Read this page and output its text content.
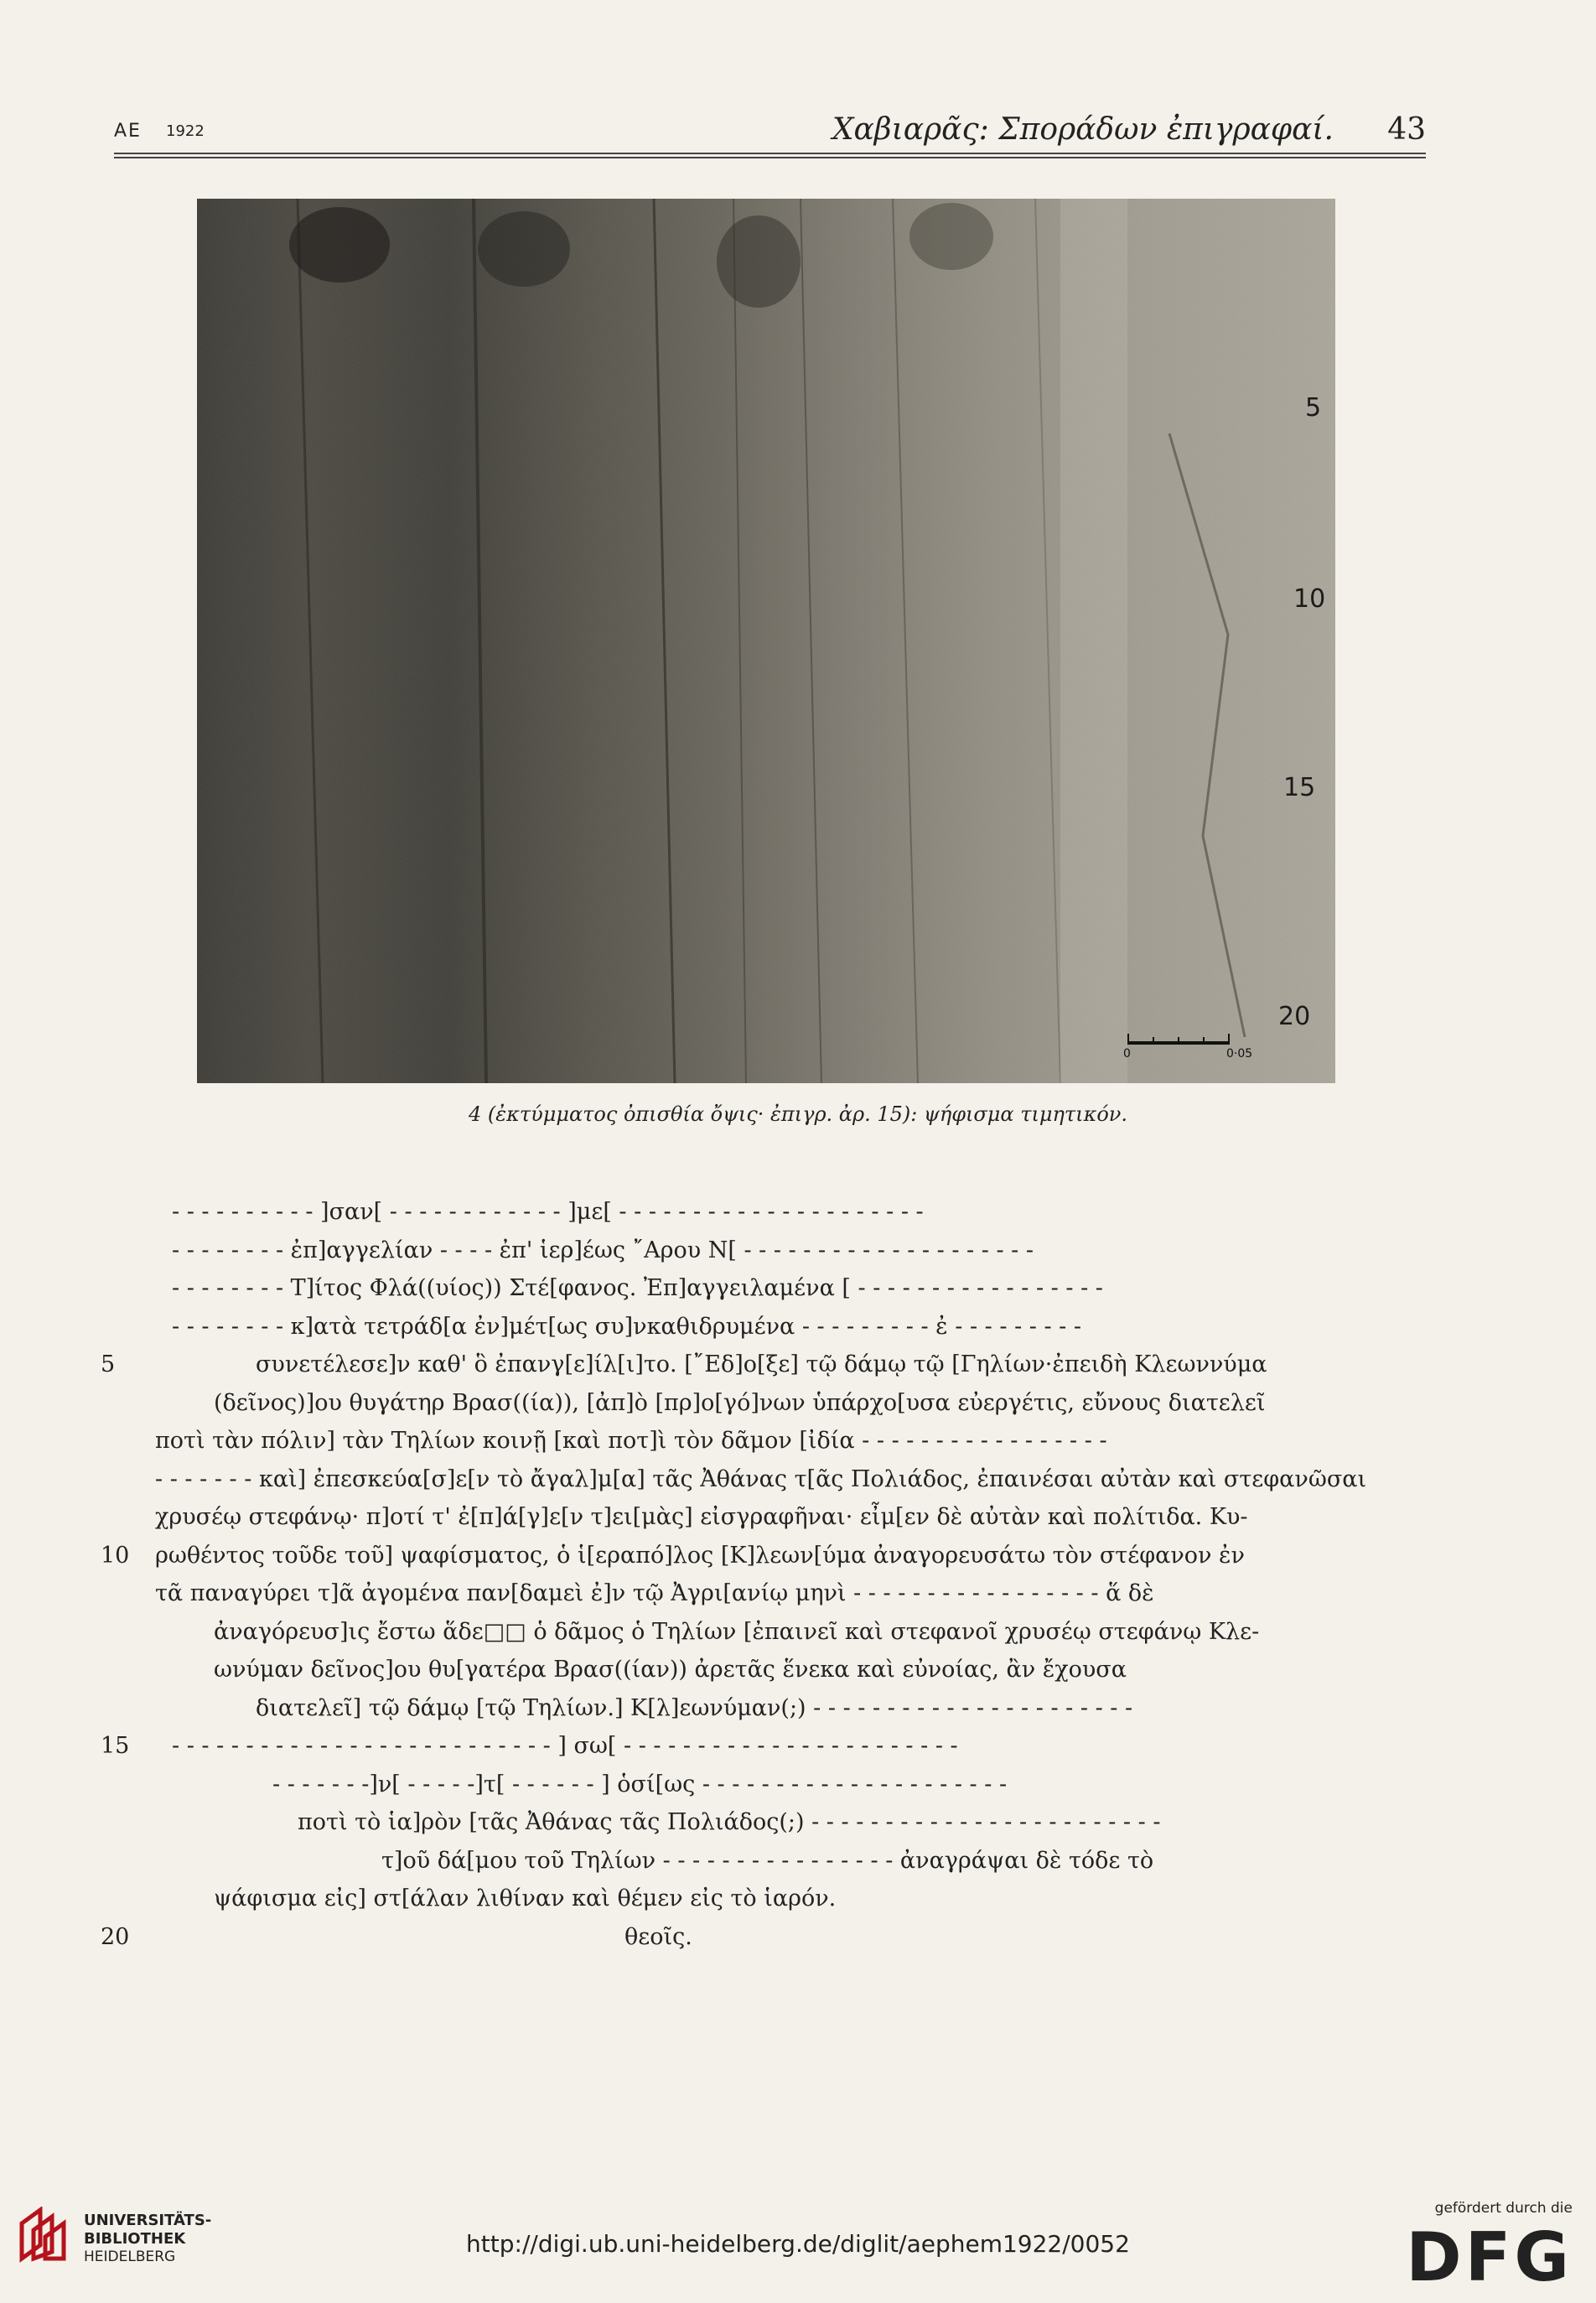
ΑΕ 1922	Χαβιαρᾶς: Σποράδων ἐπιγραφαί. 43
5
10
15
20
0	0·05
4 (ἐκτύμματος ὀπισθία ὄψις· ἐπιγρ. ἀρ. 15): ψήφισμα τιμητικόν.
- - - - - - - - - - ]σαν[ - - - - - - - - - - - - ]με[ - - - - - - - - - - - - - - - - - - - - -
- - - - - - - - ἐπ]αγγελίαν - - - - ἐπ' ἱερ]έως ῎Αρου Ν[ - - - - - - - - - - - - - - - - - - - -
- - - - - - - - Τ]ίτος Φλά((υίος)) Στέ[φανος. Ἐπ]αγγειλαμένα [ - - - - - - - - - - - - - - - - -
- - - - - - - - κ]ατὰ τετράδ[α ἐν]μέτ[ως συ]νκαθιδρυμένα - - - - - - - - - ἐ - - - - - - - - -
5	συνετέλεσε]ν καθ' ὃ ἐπανγ[ε]ίλ[ι]το. [῎Εδ]ο[ξε] τῷ δάμῳ τῷ [Γηλίων·ἐπειδὴ Κλεωννύμα
(δεῖνος)]ου θυγάτηρ Βρασ((ία)), [ἀπ]ὸ [πρ]ο[γό]νων ὑπάρχο[υσα εὐεργέτις, εὔνους διατελεῖ
ποτὶ τὰν πόλιν] τὰν Τηλίων κοινῇ [καὶ ποτ]ὶ τὸν δᾶμον [ἰδία - - - - - - - - - - - - - - - - -
- - - - - - - καὶ] ἐπεσκεύα[σ]ε[ν τὸ ἄγαλ]μ[α] τᾶς Ἀθάνας τ[ᾶς Πολιάδος, ἐπαινέσαι αὐτὰν καὶ στεφανῶσαι
χρυσέῳ στεφάνῳ· π]οτί τ' ἐ[π]ά[γ]ε[ν τ]ει[μὰς] εἰσγραφῆναι· εἶμ[εν δὲ αὐτὰν καὶ πολίτιδα. Κυ-
10	ρωθέντος τοῦδε τοῦ] ψαφίσματος, ὁ ἱ[εραπό]λος [Κ]λεων[ύμα ἀναγορευσάτω τὸν στέφανον ἐν
τᾶ παναγύρει τ]ᾶ ἀγομένα παν[δαμεὶ ἐ]ν τῷ Ἀγρι[ανίῳ μηνὶ - - - - - - - - - - - - - - - - - ἅ δὲ
ἀναγόρευσ]ις ἔστω ἅδε□□ ὁ δᾶμος ὁ Τηλίων [ἐπαινεῖ καὶ στεφανοῖ χρυσέῳ στεφάνῳ Κλε-
ωνύμαν δεῖνος]ου θυ[γατέρα Βρασ((ίαν)) ἀρετᾶς ἕνεκα καὶ εὐνοίας, ἂν ἔχουσα
διατελεῖ] τῷ δάμῳ [τῷ Τηλίων.] Κ[λ]εωνύμαν(;) - - - - - - - - - - - - - - - - - - - - - -
15	- - - - - - - - - - - - - - - - - - - - - - - - - - ] σω[ - - - - - - - - - - - - - - - - - - - - - - -
- - - - - - -]ν[ - - - - -]τ[ - - - - - - ] ὁσί[ως - - - - - - - - - - - - - - - - - - - - -
ποτὶ τὸ ἱα]ρὸν [τᾶς Ἀθάνας τᾶς Πολιάδος(;) - - - - - - - - - - - - - - - - - - - - - - - -
τ]οῦ δά[μου τοῦ Τηλίων - - - - - - - - - - - - - - - - ἀναγράψαι δὲ τόδε τὸ
ψάφισμα εἰς] στ[άλαν λιθίναν καὶ θέμεν εἰς τὸ ἱαρόν.
20	θεοῖς.
UNIVERSITÄTS-
BIBLIOTHEK
HEIDELBERG	http://digi.ub.uni-heidelberg.de/diglit/aephem1922/0052
gefördert durch die
DFG
